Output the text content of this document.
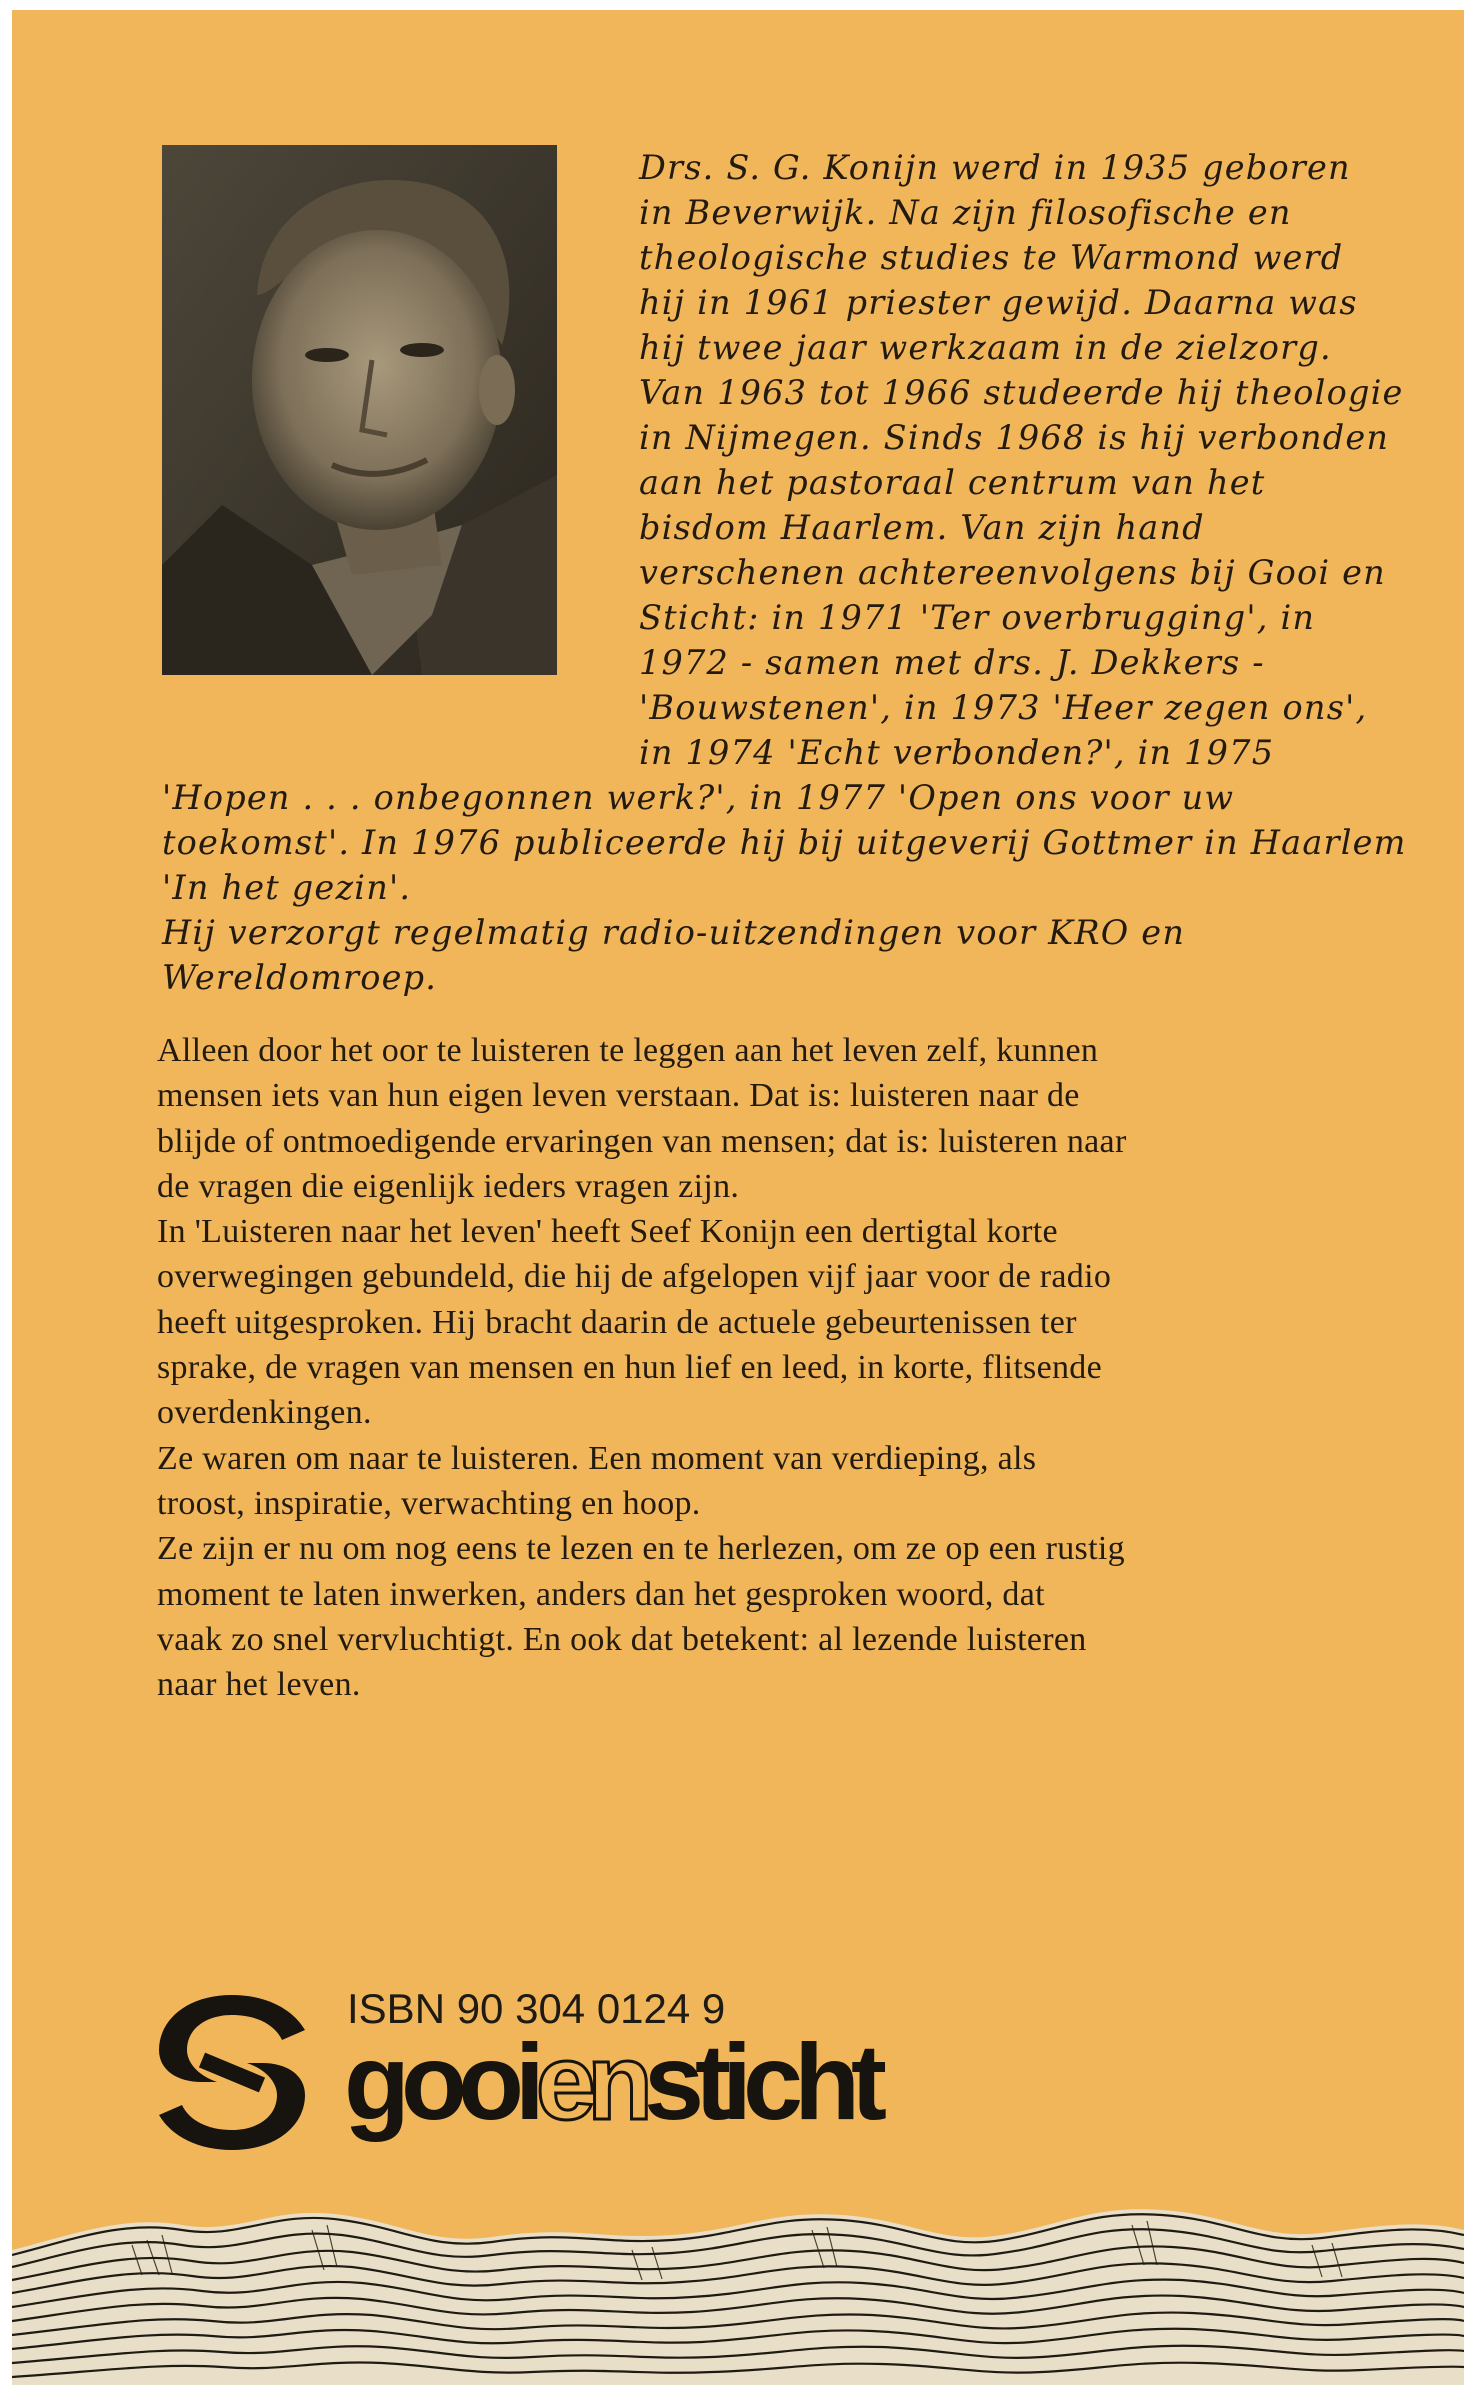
Drs. S. G. Konijn werd in 1935 geboren
in Beverwijk. Na zijn filosofische en
theologische studies te Warmond werd
hij in 1961 priester gewijd. Daarna was
hij twee jaar werkzaam in de zielzorg.
Van 1963 tot 1966 studeerde hij theologie
in Nijmegen. Sinds 1968 is hij verbonden
aan het pastoraal centrum van het
bisdom Haarlem. Van zijn hand
verschenen achtereenvolgens bij Gooi en
Sticht: in 1971 'Ter overbrugging', in
1972 - samen met drs. J. Dekkers -
'Bouwstenen', in 1973 'Heer zegen ons',
in 1974 'Echt verbonden?', in 1975
'Hopen . . . onbegonnen werk?', in 1977 'Open ons voor uw
toekomst'. In 1976 publiceerde hij bij uitgeverij Gottmer in Haarlem
'In het gezin'.
Hij verzorgt regelmatig radio-uitzendingen voor KRO en
Wereldomroep.
Alleen door het oor te luisteren te leggen aan het leven zelf, kunnen
mensen iets van hun eigen leven verstaan. Dat is: luisteren naar de
blijde of ontmoedigende ervaringen van mensen; dat is: luisteren naar
de vragen die eigenlijk ieders vragen zijn.
In 'Luisteren naar het leven' heeft Seef Konijn een dertigtal korte
overwegingen gebundeld, die hij de afgelopen vijf jaar voor de radio
heeft uitgesproken. Hij bracht daarin de actuele gebeurtenissen ter
sprake, de vragen van mensen en hun lief en leed, in korte, flitsende
overdenkingen.
Ze waren om naar te luisteren. Een moment van verdieping, als
troost, inspiratie, verwachting en hoop.
Ze zijn er nu om nog eens te lezen en te herlezen, om ze op een rustig
moment te laten inwerken, anders dan het gesproken woord, dat
vaak zo snel vervluchtigt. En ook dat betekent: al lezende luisteren
naar het leven.
ISBN 90 304 0124 9
gooiensticht
